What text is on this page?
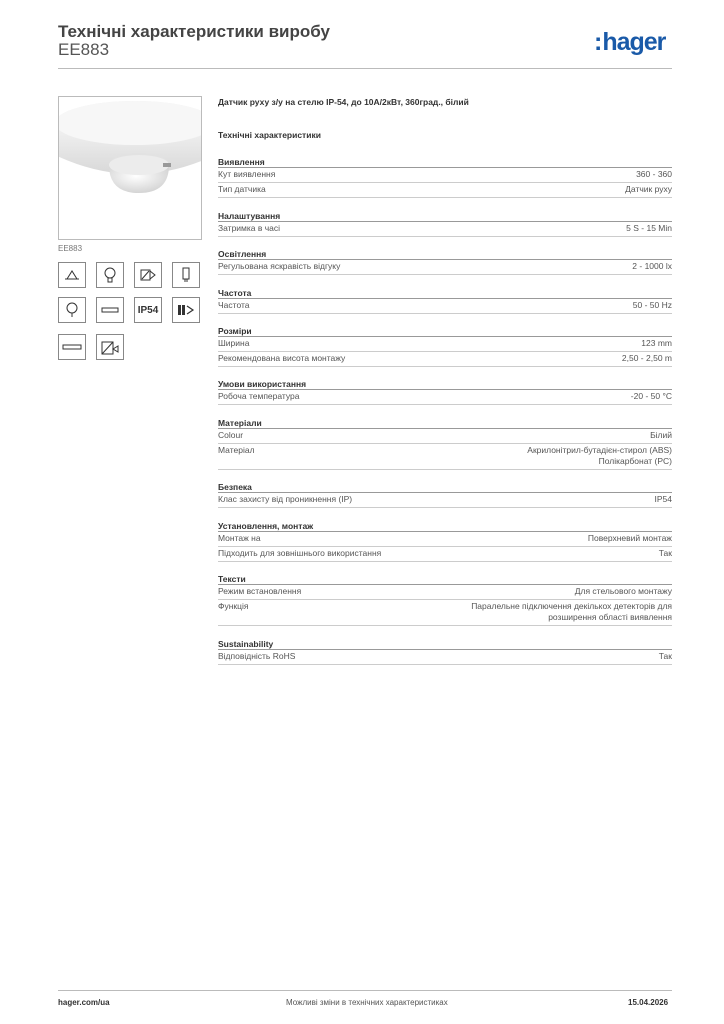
Технічні характеристики виробу
EE883	:hager
EE883
IP54
Датчик руху з/у на стелю IP-54, до 10A/2кВт, 360град., білий
Технічні характеристики
Виявлення
Кут виявлення	360 - 360
Тип датчика	Датчик руху
Налаштування
Затримка в часі	5 S - 15 Min
Освітлення
Регульована яскравість відгуку	2 - 1000 lx
Частота
Частота	50 - 50 Hz
Розміри
Ширина	123 mm
Рекомендована висота монтажу	2,50 - 2,50 m
Умови використання
Робоча температура	-20 - 50 °C
Матеріали
Colour	Білий
Матеріал	Акрилонітрил-бутадієн-стирол (ABS) Полікарбонат (PC)
Безпека
Клас захисту від проникнення (IP)	IP54
Установлення, монтаж
Монтаж на	Поверхневий монтаж
Підходить для зовнішнього використання	Так
Тексти
Режим встановлення	Для стельового монтажу
Функція	Паралельне підключення декількох детекторів для розширення області виявлення
Sustainability
Відповідність RoHS	Так
hager.com/ua	Можливі зміни в технічних характеристиках	15.04.2026
